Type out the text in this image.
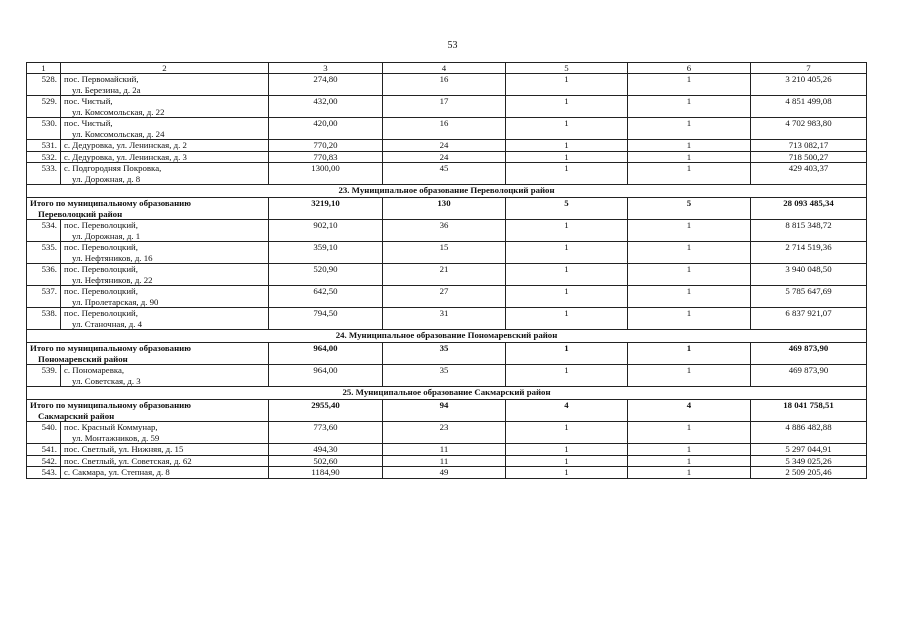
53
1	2	3	4	5	6	7
528.	пос. Первомайский,
ул. Березина, д. 2а	274,80	16	1	1	3 210 405,26
529.	пос. Чистый,
ул. Комсомольская, д. 22	432,00	17	1	1	4 851 499,08
530.	пос. Чистый,
ул. Комсомольская, д. 24	420,00	16	1	1	4 702 983,80
531.	с. Дедуровка, ул. Ленинская, д. 2	770,20	24	1	1	713 082,17
532.	с. Дедуровка, ул. Ленинская, д. 3	770,83	24	1	1	718 500,27
533.	с. Подгородняя Покровка,
ул. Дорожная, д. 8	1300,00	45	1	1	429 403,37
23. Муниципальное образование Переволоцкий район						

Итого по муниципальному образованию
Переволоцкий район		3219,10	130	5	5	28 093 485,34
534.	пос. Переволоцкий,
ул. Дорожная, д. 1	902,10	36	1	1	8 815 348,72
535.	пос. Переволоцкий,
ул. Нефтяников, д. 16	359,10	15	1	1	2 714 519,36
536.	пос. Переволоцкий,
ул. Нефтяников, д. 22	520,90	21	1	1	3 940 048,50
537.	пос. Переволоцкий,
ул. Пролетарская, д. 90	642,50	27	1	1	5 785 647,69
538.	пос. Переволоцкий,
ул. Станочная, д. 4	794,50	31	1	1	6 837 921,07
24. Муниципальное образование Пономаревский район						

Итого по муниципальному образованию
Пономаревский район		964,00	35	1	1	469 873,90
539.	с. Пономаревка,
ул. Советская, д. 3	964,00	35	1	1	469 873,90
25. Муниципальное образование Сакмарский район						

Итого по муниципальному образованию
Сакмарский район		2955,40	94	4	4	18 041 758,51
540.	пос. Красный Коммунар,
ул. Монтажников, д. 59	773,60	23	1	1	4 886 482,88
541.	пос. Светлый, ул. Нижняя, д. 15	494,30	11	1	1	5 297 044,91
542.	пос. Светлый, ул. Советская, д. 62	502,60	11	1	1	5 349 025,26
543.	с. Сакмара, ул. Степная, д. 8	1184,90	49	1	1	2 509 205,46
